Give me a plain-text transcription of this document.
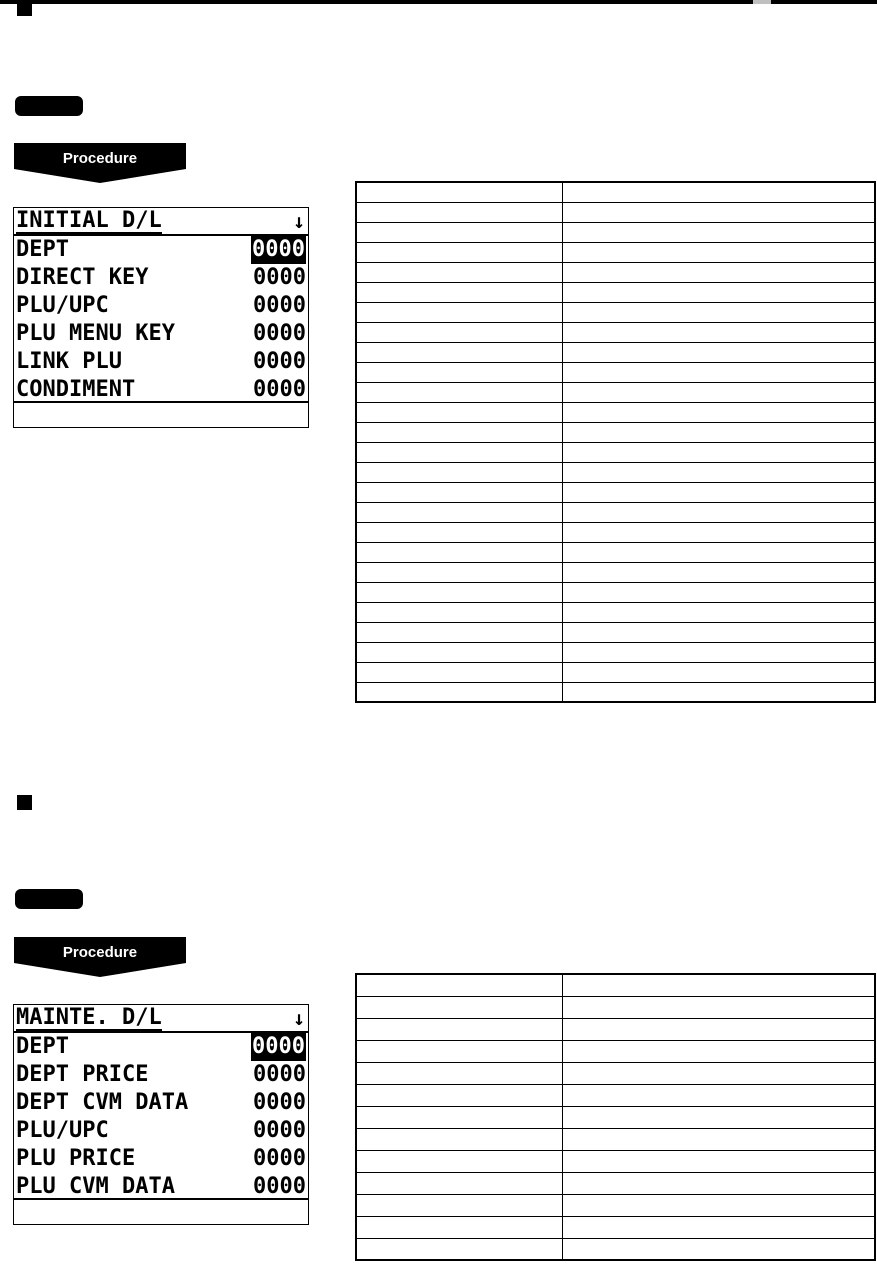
Procedure
INITIAL D/L	↓
DEPT	0000
DIRECT KEY	0000
PLU/UPC	0000
PLU MENU KEY	0000
LINK PLU	0000
CONDIMENT	0000

Procedure
MAINTE. D/L	↓
DEPT	0000
DEPT PRICE	0000
DEPT CVM DATA	0000
PLU/UPC	0000
PLU PRICE	0000
PLU CVM DATA	0000
